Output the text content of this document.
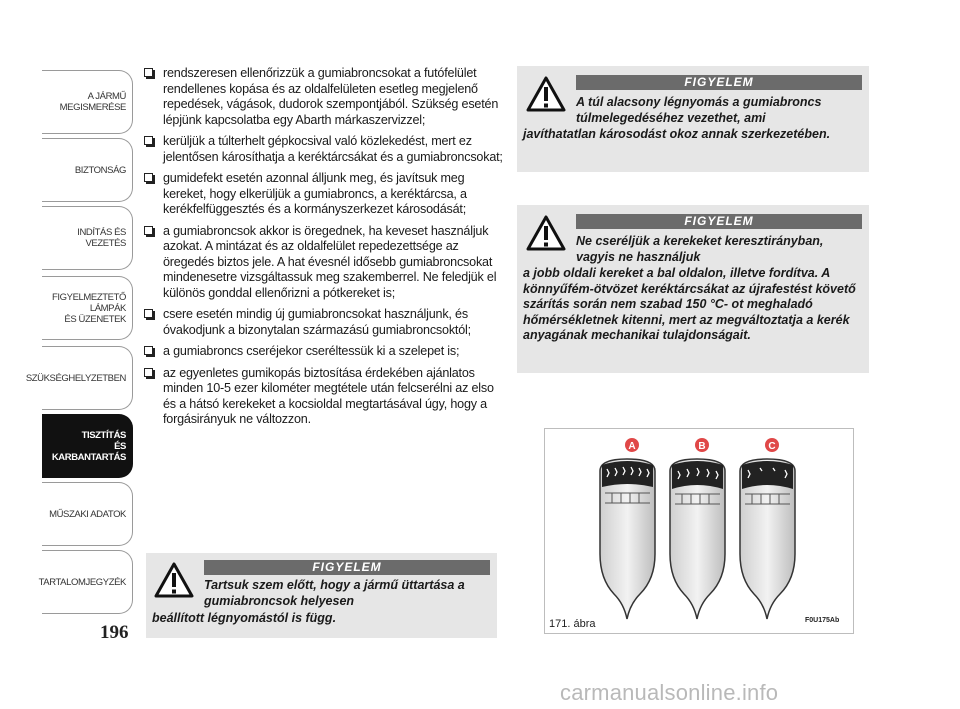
A JÁRMŰ
MEGISMERÉSE
BIZTONSÁG
INDÍTÁS ÉS VEZETÉS
FIGYELMEZTETŐ
LÁMPÁK
ÉS ÜZENETEK
SZÜKSÉGHELYZETBEN
TISZTÍTÁS
ÉS KARBANTARTÁS
MŰSZAKI ADATOK
TARTALOMJEGYZÉK
196
rendszeresen ellenőrizzük a gumiabroncsokat a futófelület rendellenes kopása és az oldalfelületen esetleg megjelenő repedések, vágások, dudorok szempontjából. Szükség esetén lépjünk kapcsolatba egy Abarth márkaszervizzel;
kerüljük a túlterhelt gépkocsival való közlekedést, mert ez jelentősen károsíthatja a keréktárcsákat és a gumiabroncsokat;
gumidefekt esetén azonnal álljunk meg, és javítsuk meg kereket, hogy elkerüljük a gumiabroncs, a keréktárcsa, a kerékfelfüggesztés és a kormányszerkezet károsodását;
a gumiabroncsok akkor is öregednek, ha keveset használjuk azokat. A mintázat és az oldalfelület repedezettsége az öregedés biztos jele. A hat évesnél idősebb gumiabroncsokat mindenesetre vizsgáltassuk meg szakemberrel. Ne feledjük el különös gonddal ellenőrizni a pótkereket is;
csere esetén mindig új gumiabroncsokat használjunk, és óvakodjunk a bizonytalan származású gumiabroncsoktól;
a gumiabroncs cseréjekor cseréltessük ki a szelepet is;
az egyenletes gumikopás biztosítása érdekében ajánlatos minden 10-5 ezer kilométer megtétele után felcserélni az elso és a hátsó kerekeket a kocsioldal megtartásával úgy, hogy a forgásirányuk ne változzon.
FIGYELEM

Tartsuk szem előtt, hogy a jármű üttartása a gumiabroncsok helyesen

beállított légnyomástól is függ.

FIGYELEM

A túl alacsony légnyomás a gumiabroncs túlmelegedéséhez vezethet, ami

javíthatatlan károsodást okoz annak szerkezetében.

FIGYELEM

Ne cseréljük a kerekeket keresztirányban, vagyis ne használjuk

a jobb oldali kereket a bal oldalon, illetve fordítva. A könnyűfém-ötvözet keréktárcsákat az újrafestést követő szárítás során nem szabad 150 °C- ot meghaladó hőmérsékletnek kitenni, mert az megváltoztatja a kerék anyagának mechanikai tulajdonságait.

A	B	C
171. ábra	F0U175Ab
carmanualsonline.info
